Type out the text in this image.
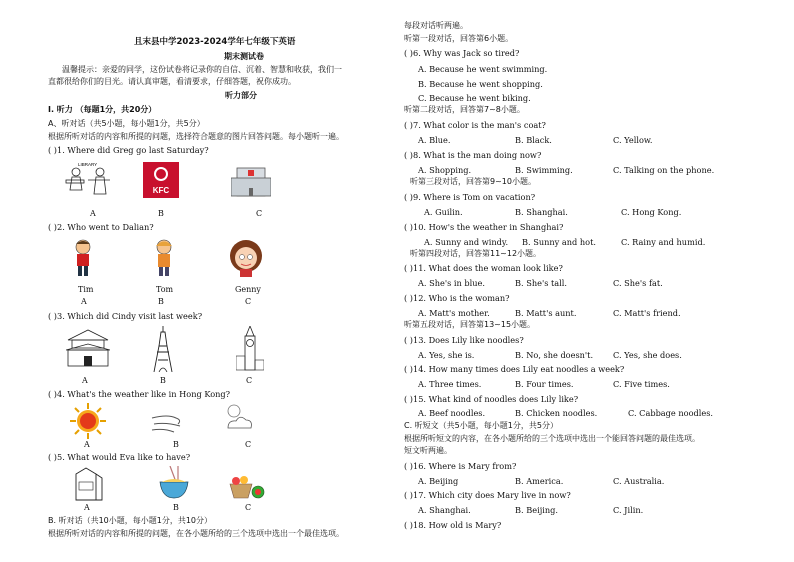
且末县中学2023-2024学年七年级下英语
期末测试卷
温馨提示：亲爱的同学，这份试卷将记录你的自信、沉着、智慧和收获，我们一
直都很给你们的目光。请认真审题，看清要求，仔细答题，祝你成功。
听力部分
I. 听力 （每题1分，共20分）
A、听对话（共5小题，每小题1分，共5分）
根据所听对话的内容和所提的问题，选择符合题意的图片回答问题。每小题听一遍。
( )1. Where did Greg go last Saturday?
LIBRARY
KFC
A	B	C
( )2. Who went to Dalian?
Tim	Tom	Genny
A	B	C
( )3. Which did Cindy visit last week?
A	B	C
( )4. What's the weather like in Hong Kong?
A	B	C
( )5. What would Eva like to have?
A	B	C
B. 听对话（共10小题，每小题1分，共10分）
根据所听对话的内容和所提的问题，在各小题所给的三个选项中选出一个最佳选项。
每段对话听两遍。
听第一段对话，回答第6小题。
( )6. Why was Jack so tired?
A. Because he went swimming.
B. Because he went shopping.
C. Because he went biking.
听第二段对话，回答第7~8小题。
( )7. What color is the man's coat?
A. Blue.	B. Black.	C. Yellow.
( )8. What is the man doing now?
A. Shopping.	B. Swimming.	C. Talking on the phone.
听第三段对话，回答第9~10小题。
( )9. Where is Tom on vacation?
A. Guilin.	B. Shanghai.	C. Hong Kong.
( )10. How's the weather in Shanghai?
A. Sunny and windy. B. Sunny and hot.	C. Rainy and humid.
听第四段对话，回答第11~12小题。
( )11. What does the woman look like?
A. She's in blue.	B. She's tall.	C. She's fat.
( )12. Who is the woman?
A. Matt's mother.	B. Matt's aunt.	C. Matt's friend.
听第五段对话，回答第13~15小题。
( )13. Does Lily like noodles?
A. Yes, she is.	B. No, she doesn't. C. Yes, she does.
( )14. How many times does Lily eat noodles a week?
A. Three times.	B. Four times.	C. Five times.
( )15. What kind of noodles does Lily like?
A. Beef noodles.	B. Chicken noodles.	C. Cabbage noodles.
C. 听短文（共5小题，每小题1分，共5分）
根据所听短文的内容，在各小题所给的三个选项中选出一个能回答问题的最佳选项。
短文听两遍。
( )16. Where is Mary from?
A. Beijing	B. America.	C. Australia.
( )17. Which city does Mary live in now?
A. Shanghai.	B. Beijing.	C. Jilin.
( )18. How old is Mary?
